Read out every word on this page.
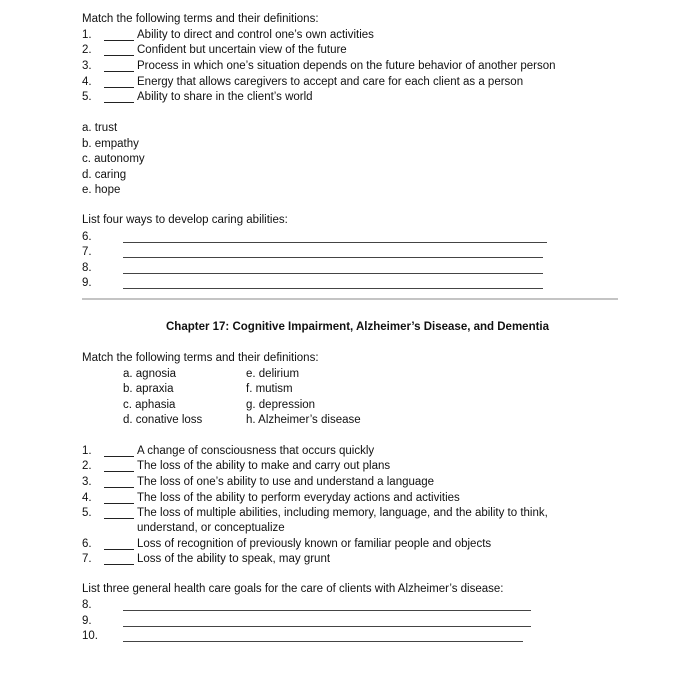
Match the following terms and their definitions:
1.	Ability to direct and control one’s own activities
2.	Confident but uncertain view of the future
3.	Process in which one’s situation depends on the future behavior of another person
4.	Energy that allows caregivers to accept and care for each client as a person
5.	Ability to share in the client’s world
a. trust
b. empathy
c. autonomy
d. caring
e. hope
List four ways to develop caring abilities:
6.
7.
8.
9.
Chapter 17: Cognitive Impairment, Alzheimer’s Disease, and Dementia
Match the following terms and their definitions:
a. agnosia
b. apraxia
c. aphasia
d. conative loss
e. delirium
f. mutism
g. depression
h. Alzheimer’s disease
1.	A change of consciousness that occurs quickly
2.	The loss of the ability to make and carry out plans
3.	The loss of one’s ability to use and understand a language
4.	The loss of the ability to perform everyday actions and activities
5.	The loss of multiple abilities, including memory, language, and the ability to think,
understand, or conceptualize
6.	Loss of recognition of previously known or familiar people and objects
7.	Loss of the ability to speak, may grunt
List three general health care goals for the care of clients with Alzheimer’s disease:
8.
9.
10.
